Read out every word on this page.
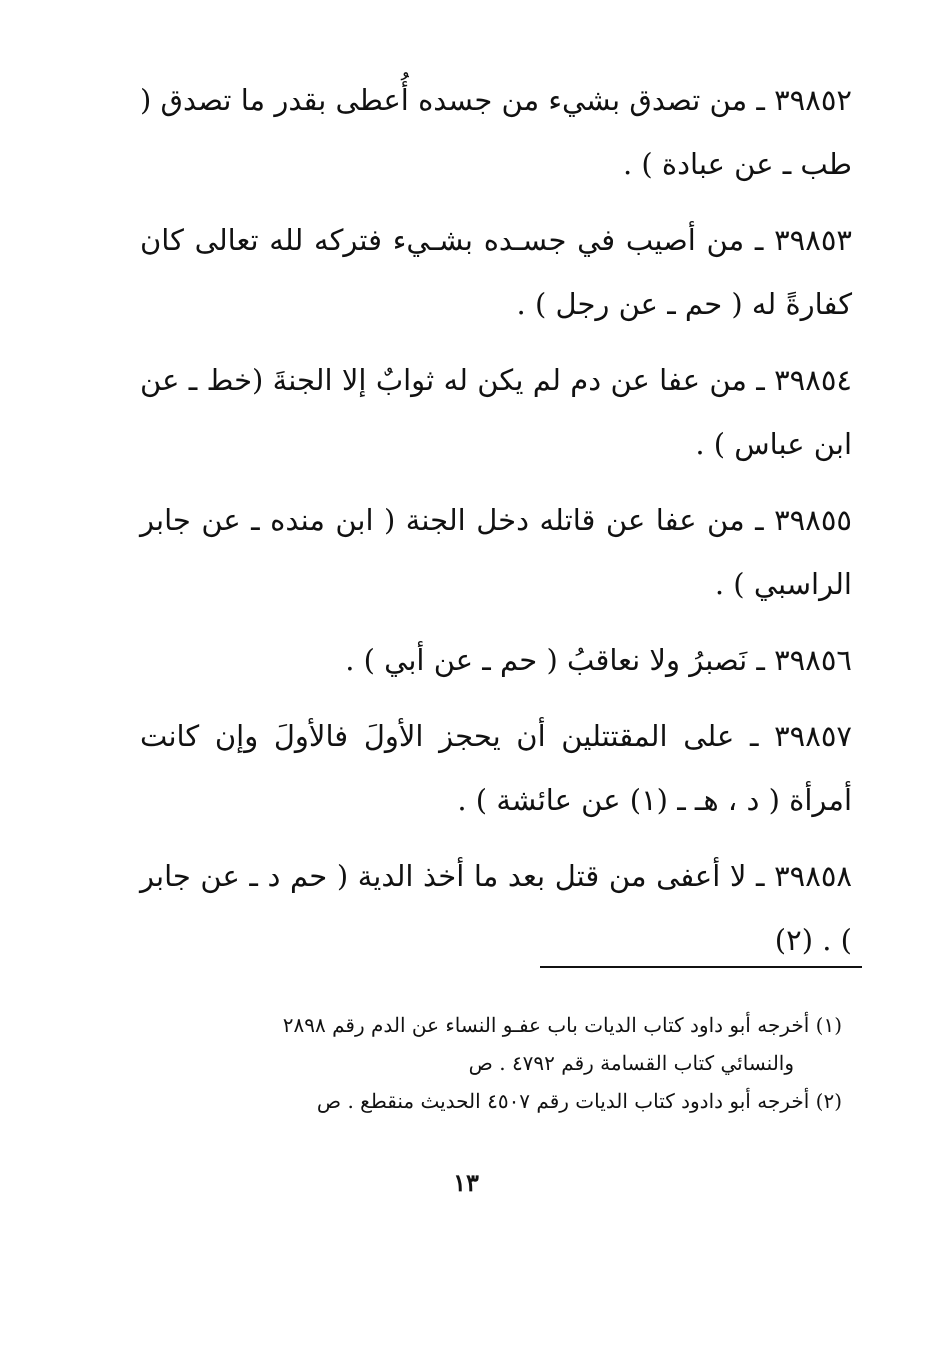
٣٩٨٥٢ ـ من تصدق بشيء من جسده أُعطى بقدر ما تصدق ( طب ـ عن عبادة ) .

٣٩٨٥٣ ـ من أصيب في جسـده بشـيء فتركه لله تعالى كان كفارةً له ( حم ـ عن رجل ) .

٣٩٨٥٤ ـ من عفا عن دم لم يكن له ثوابٌ إلا الجنةَ (خط ـ عن ابن عباس ) .

٣٩٨٥٥ ـ من عفا عن قاتله دخل الجنة ( ابن منده ـ عن جابر الراسبي ) .

٣٩٨٥٦ ـ نَصبرُ ولا نعاقبُ ( حم ـ عن أبي ) .

٣٩٨٥٧ ـ على المقتتلين أن يحجز الأولَ فالأولَ وإن كانت أمرأة ( د ، هـ ـ (١) عن عائشة ) .

٣٩٨٥٨ ـ لا أعفى من قتل بعد ما أخذ الدية ( حم د ـ عن جابر ) . (٢)

(١) أخرجه أبو داود كتاب الديات باب عفـو النساء عن الدم رقم ٢٨٩٨

والنسائي كتاب القسامة رقم ٤٧٩٢ . ص

(٢) أخرجه أبو دادود كتاب الديات رقم ٤٥٠٧ الحديث منقطع . ص

١٣
